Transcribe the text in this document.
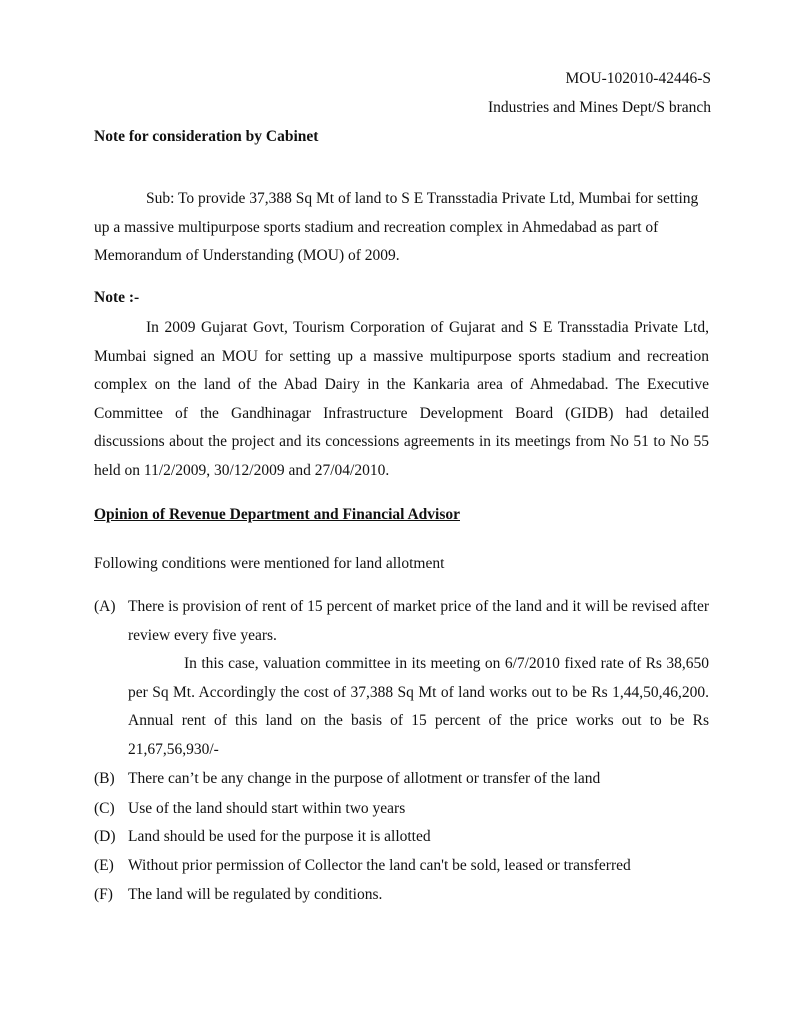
MOU-102010-42446-S
Industries and Mines Dept/S branch
Note for consideration by Cabinet
Sub: To provide 37,388 Sq Mt of land to S E Transstadia Private Ltd, Mumbai for setting up a massive multipurpose sports stadium and recreation complex in Ahmedabad as part of Memorandum of Understanding (MOU) of 2009.
Note :-
In 2009 Gujarat Govt, Tourism Corporation of Gujarat and S E Transstadia Private Ltd, Mumbai signed an MOU for setting up a massive multipurpose sports stadium and recreation complex on the land of the Abad Dairy in the Kankaria area of Ahmedabad. The Executive Committee of the Gandhinagar Infrastructure Development Board (GIDB) had detailed discussions about the project and its concessions agreements in its meetings from No 51 to No 55 held on 11/2/2009, 30/12/2009 and 27/04/2010.
Opinion of Revenue Department and Financial Advisor
Following conditions were mentioned for land allotment
(A) There is provision of rent of 15 percent of market price of the land and it will be revised after review every five years.
In this case, valuation committee in its meeting on 6/7/2010 fixed rate of Rs 38,650 per Sq Mt. Accordingly the cost of 37,388 Sq Mt of land works out to be Rs 1,44,50,46,200. Annual rent of this land on the basis of 15 percent of the price works out to be Rs 21,67,56,930/-
(B) There can’t be any change in the purpose of allotment or transfer of the land
(C) Use of the land should start within two years
(D) Land should be used for the purpose it is allotted
(E) Without prior permission of Collector the land can't be sold, leased or transferred
(F) The land will be regulated by conditions.
